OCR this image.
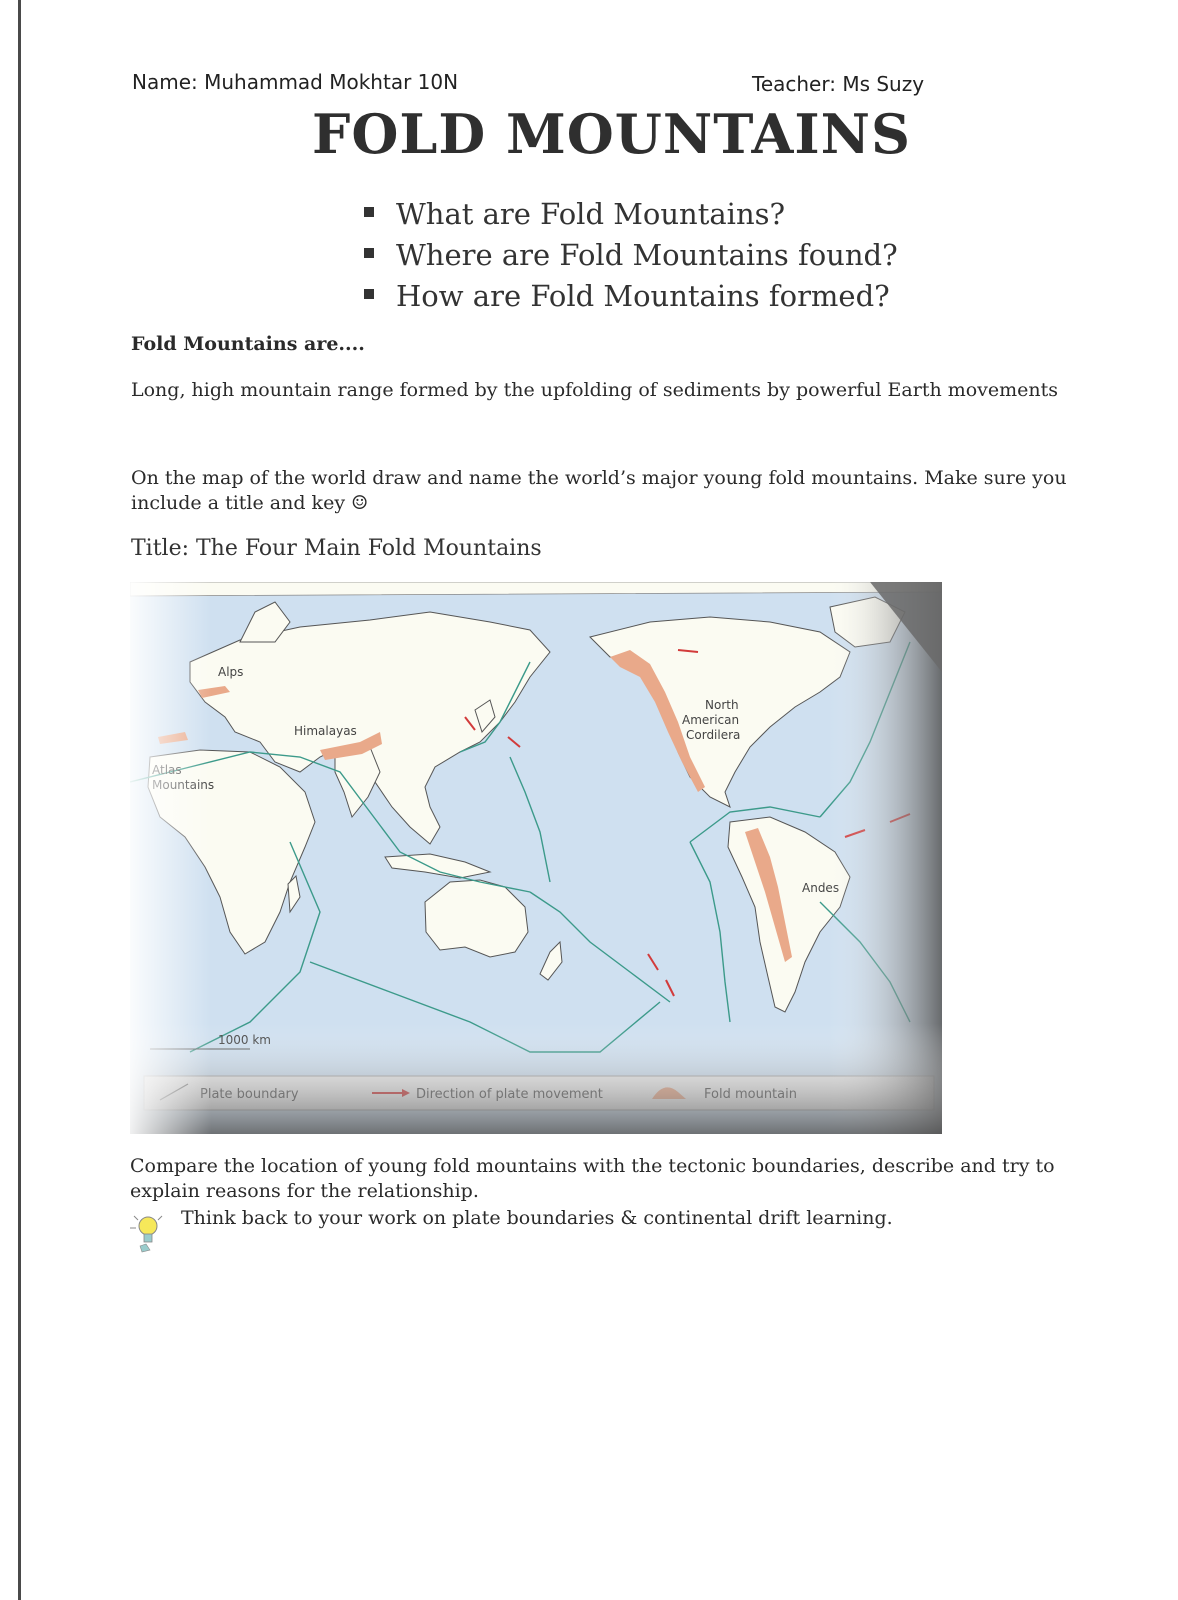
Name: Muhammad Mokhtar 10N	Teacher: Ms Suzy
FOLD MOUNTAINS
What are Fold Mountains?
Where are Fold Mountains found?
How are Fold Mountains formed?
Fold Mountains are....
Long, high mountain range formed by the upfolding of sediments by powerful Earth movements
On the map of the world draw and name the world’s major young fold mountains. Make sure you include a title and key ☺
Title: The Four Main Fold Mountains
Compare the location of young fold mountains with the tectonic boundaries, describe and try to explain reasons for the relationship.
Think back to your work on plate boundaries & continental drift learning.
